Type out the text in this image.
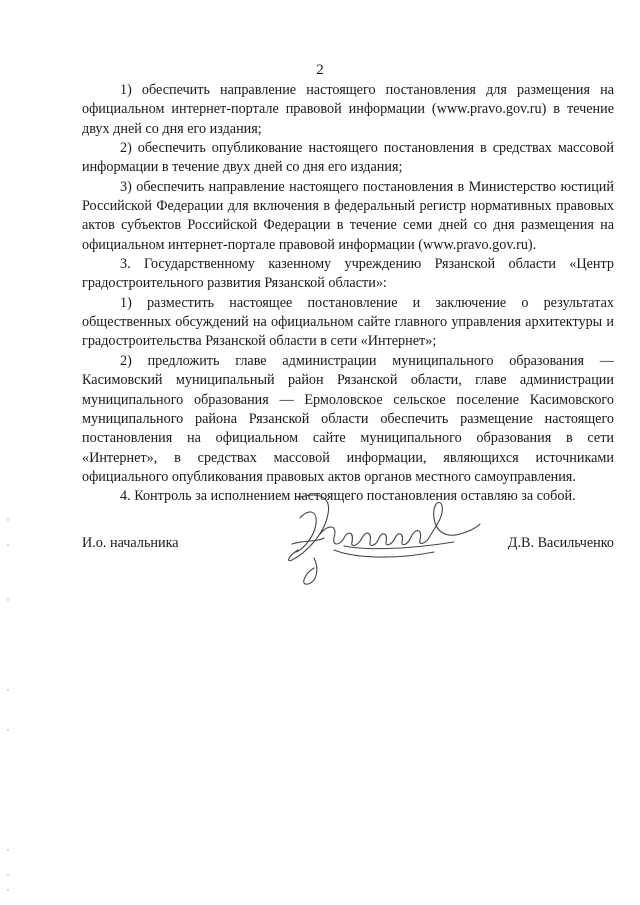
2

1) обеспечить направление настоящего постановления для размещения на официальном интернет-портале правовой информации (www.pravo.gov.ru) в течение двух дней со дня его издания;

2) обеспечить опубликование настоящего постановления в средствах массовой информации в течение двух дней со дня его издания;

3) обеспечить направление настоящего постановления в Министерство юстиций Российской Федерации для включения в федеральный регистр нормативных правовых актов субъектов Российской Федерации в течение семи дней со дня размещения на официальном интернет-портале правовой информации (www.pravo.gov.ru).

3. Государственному казенному учреждению Рязанской области «Центр градостроительного развития Рязанской области»:

1) разместить настоящее постановление и заключение о результатах общественных обсуждений на официальном сайте главного управления архитектуры и градостроительства Рязанской области в сети «Интернет»;

2) предложить главе администрации муниципального образования — Касимовский муниципальный район Рязанской области, главе администрации муниципального образования — Ермоловское сельское поселение Касимовского муниципального района Рязанской области обеспечить размещение настоящего постановления на официальном сайте муниципального образования в сети «Интернет», в средствах массовой информации, являющихся источниками официального опубликования правовых актов органов местного самоуправления.

4. Контроль за исполнением настоящего постановления оставляю за собой.

И.о. начальника	Д.В. Васильченко
